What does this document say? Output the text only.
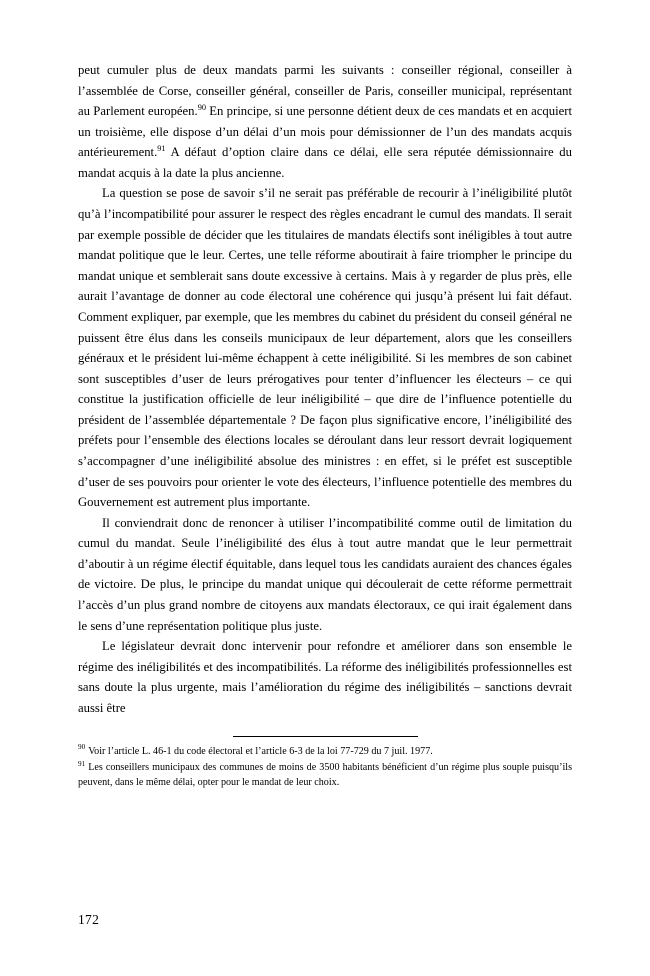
peut cumuler plus de deux mandats parmi les suivants : conseiller régional, conseiller à l’assemblée de Corse, conseiller général, conseiller de Paris, conseiller municipal, représentant au Parlement européen.$^{90}$ En principe, si une personne détient deux de ces mandats et en acquiert un troisième, elle dispose d’un délai d’un mois pour démissionner de l’un des mandats acquis antérieurement.$^{91}$ A défaut d’option claire dans ce délai, elle sera réputée démissionnaire du mandat acquis à la date la plus ancienne.

La question se pose de savoir s’il ne serait pas préférable de recourir à l’inéligibilité plutôt qu’à l’incompatibilité pour assurer le respect des règles encadrant le cumul des mandats. Il serait par exemple possible de décider que les titulaires de mandats électifs sont inéligibles à tout autre mandat politique que le leur. Certes, une telle réforme aboutirait à faire triompher le principe du mandat unique et semblerait sans doute excessive à certains. Mais à y regarder de plus près, elle aurait l’avantage de donner au code électoral une cohérence qui jusqu’à présent lui fait défaut. Comment expliquer, par exemple, que les membres du cabinet du président du conseil général ne puissent être élus dans les conseils municipaux de leur département, alors que les conseillers généraux et le président lui-même échappent à cette inéligibilité. Si les membres de son cabinet sont susceptibles d’user de leurs prérogatives pour tenter d’influencer les électeurs – ce qui constitue la justification officielle de leur inéligibilité – que dire de l’influence potentielle du président de l’assemblée départementale ? De façon plus significative encore, l’inéligibilité des préfets pour l’ensemble des élections locales se déroulant dans leur ressort devrait logiquement s’accompagner d’une inéligibilité absolue des ministres : en effet, si le préfet est susceptible d’user de ses pouvoirs pour orienter le vote des électeurs, l’influence potentielle des membres du Gouvernement est autrement plus importante.

Il conviendrait donc de renoncer à utiliser l’incompatibilité comme outil de limitation du cumul du mandat. Seule l’inéligibilité des élus à tout autre mandat que le leur permettrait d’aboutir à un régime électif équitable, dans lequel tous les candidats auraient des chances égales de victoire. De plus, le principe du mandat unique qui découlerait de cette réforme permettrait l’accès d’un plus grand nombre de citoyens aux mandats électoraux, ce qui irait également dans le sens d’une représentation politique plus juste.

Le législateur devrait donc intervenir pour refondre et améliorer dans son ensemble le régime des inéligibilités et des incompatibilités. La réforme des inéligibilités professionnelles est sans doute la plus urgente, mais l’amélioration du régime des inéligibilités – sanctions devrait aussi être

$^{90}$ Voir l’article L. 46-1 du code électoral et l’article 6-3 de la loi 77-729 du 7 juil. 1977.

$^{91}$ Les conseillers municipaux des communes de moins de 3500 habitants bénéficient d’un régime plus souple puisqu’ils peuvent, dans le même délai, opter pour le mandat de leur choix.

172
